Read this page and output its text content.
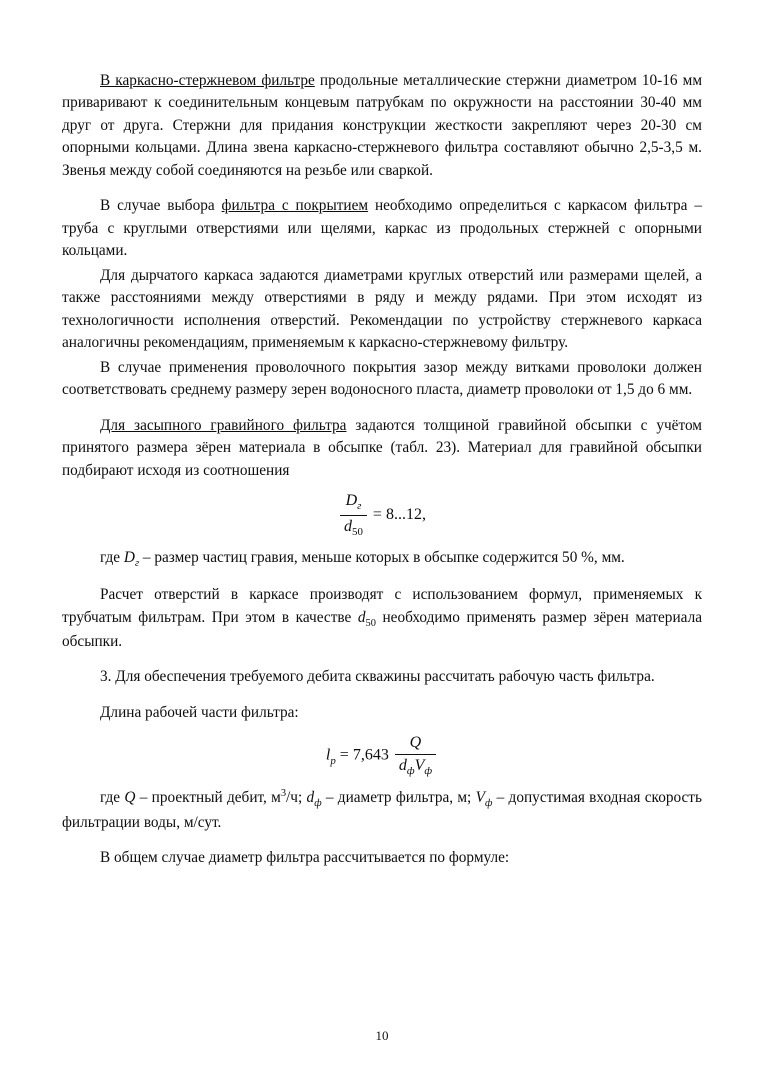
В каркасно-стержневом фильтре продольные металлические стержни диаметром 10-16 мм приваривают к соединительным концевым патрубкам по окружности на расстоянии 30-40 мм друг от друга. Стержни для придания конструкции жесткости закрепляют через 20-30 см опорными кольцами. Длина звена каркасно-стержневого фильтра составляют обычно 2,5-3,5 м. Звенья между собой соединяются на резьбе или сваркой.

В случае выбора фильтра с покрытием необходимо определиться с каркасом фильтра – труба с круглыми отверстиями или щелями, каркас из продольных стержней с опорными кольцами.

Для дырчатого каркаса задаются диаметрами круглых отверстий или размерами щелей, а также расстояниями между отверстиями в ряду и между рядами. При этом исходят из технологичности исполнения отверстий. Рекомендации по устройству стержневого каркаса аналогичны рекомендациям, применяемым к каркасно-стержневому фильтру.

В случае применения проволочного покрытия зазор между витками проволоки должен соответствовать среднему размеру зерен водоносного пласта, диаметр проволоки от 1,5 до 6 мм.

Для засыпного гравийного фильтра задаются толщиной гравийной обсыпки с учётом принятого размера зёрен материала в обсыпке (табл. 23). Материал для гравийной обсыпки подбирают исходя из соотношения

$\frac{D_г}{d_{50}} = 8...12$,

где $D_г$ – размер частиц гравия, меньше которых в обсыпке содержится 50 %, мм.

Расчет отверстий в каркасе производят с использованием формул, применяемых к трубчатым фильтрам. При этом в качестве $d_{50}$ необходимо применять размер зёрен материала обсыпки.

3. Для обеспечения требуемого дебита скважины рассчитать рабочую часть фильтра.

Длина рабочей части фильтра:

$l_р = 7,643 \frac{Q}{d_фV_ф}$

где Q – проектный дебит, $м^3/ч$; $d_ф$ – диаметр фильтра, м; $V_ф$ – допустимая входная скорость фильтрации воды, м/сут.

В общем случае диаметр фильтра рассчитывается по формуле:

10
